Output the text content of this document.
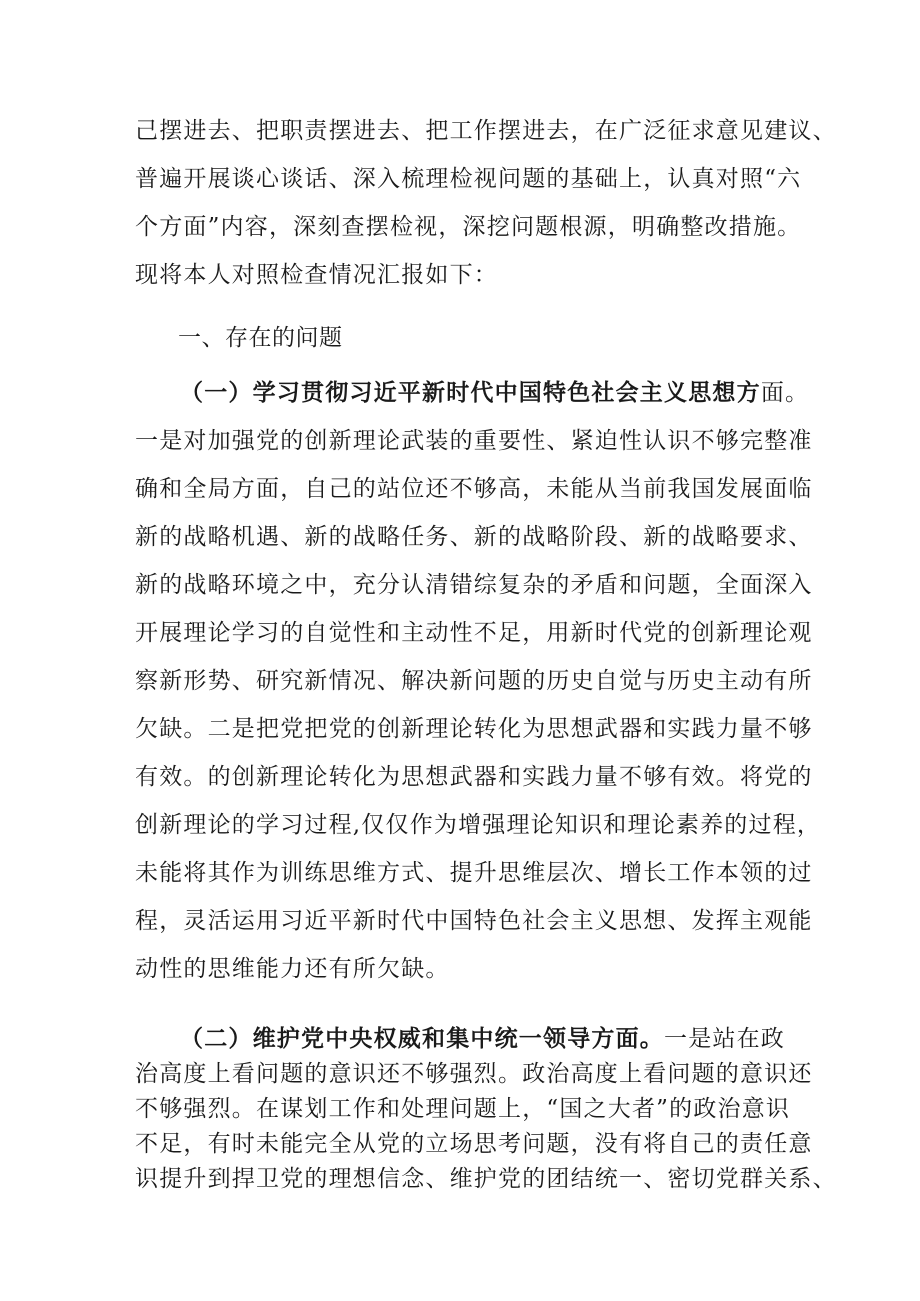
己摆进去、把职责摆进去、把工作摆进去，在广泛征求意见建议、
普遍开展谈心谈话、深入梳理检视问题的基础上，认真对照“六
个方面”内容，深刻查摆检视，深挖问题根源，明确整改措施。
现将本人对照检查情况汇报如下：
一、存在的问题
（一）学习贯彻习近平新时代中国特色社会主义思想方面。
一是对加强党的创新理论武装的重要性、紧迫性认识不够完整准
确和全局方面，自己的站位还不够高，未能从当前我国发展面临
新的战略机遇、新的战略任务、新的战略阶段、新的战略要求、
新的战略环境之中，充分认清错综复杂的矛盾和问题，全面深入
开展理论学习的自觉性和主动性不足，用新时代党的创新理论观
察新形势、研究新情况、解决新问题的历史自觉与历史主动有所
欠缺。二是把党把党的创新理论转化为思想武器和实践力量不够
有效。的创新理论转化为思想武器和实践力量不够有效。将党的
创新理论的学习过程,仅仅作为增强理论知识和理论素养的过程，
未能将其作为训练思维方式、提升思维层次、增长工作本领的过
程，灵活运用习近平新时代中国特色社会主义思想、发挥主观能
动性的思维能力还有所欠缺。
（二）维护党中央权威和集中统一领导方面。一是站在政
治高度上看问题的意识还不够强烈。政治高度上看问题的意识还
不够强烈。在谋划工作和处理问题上，“国之大者”的政治意识
不足，有时未能完全从党的立场思考问题，没有将自己的责任意
识提升到捍卫党的理想信念、维护党的团结统一、密切党群关系、
